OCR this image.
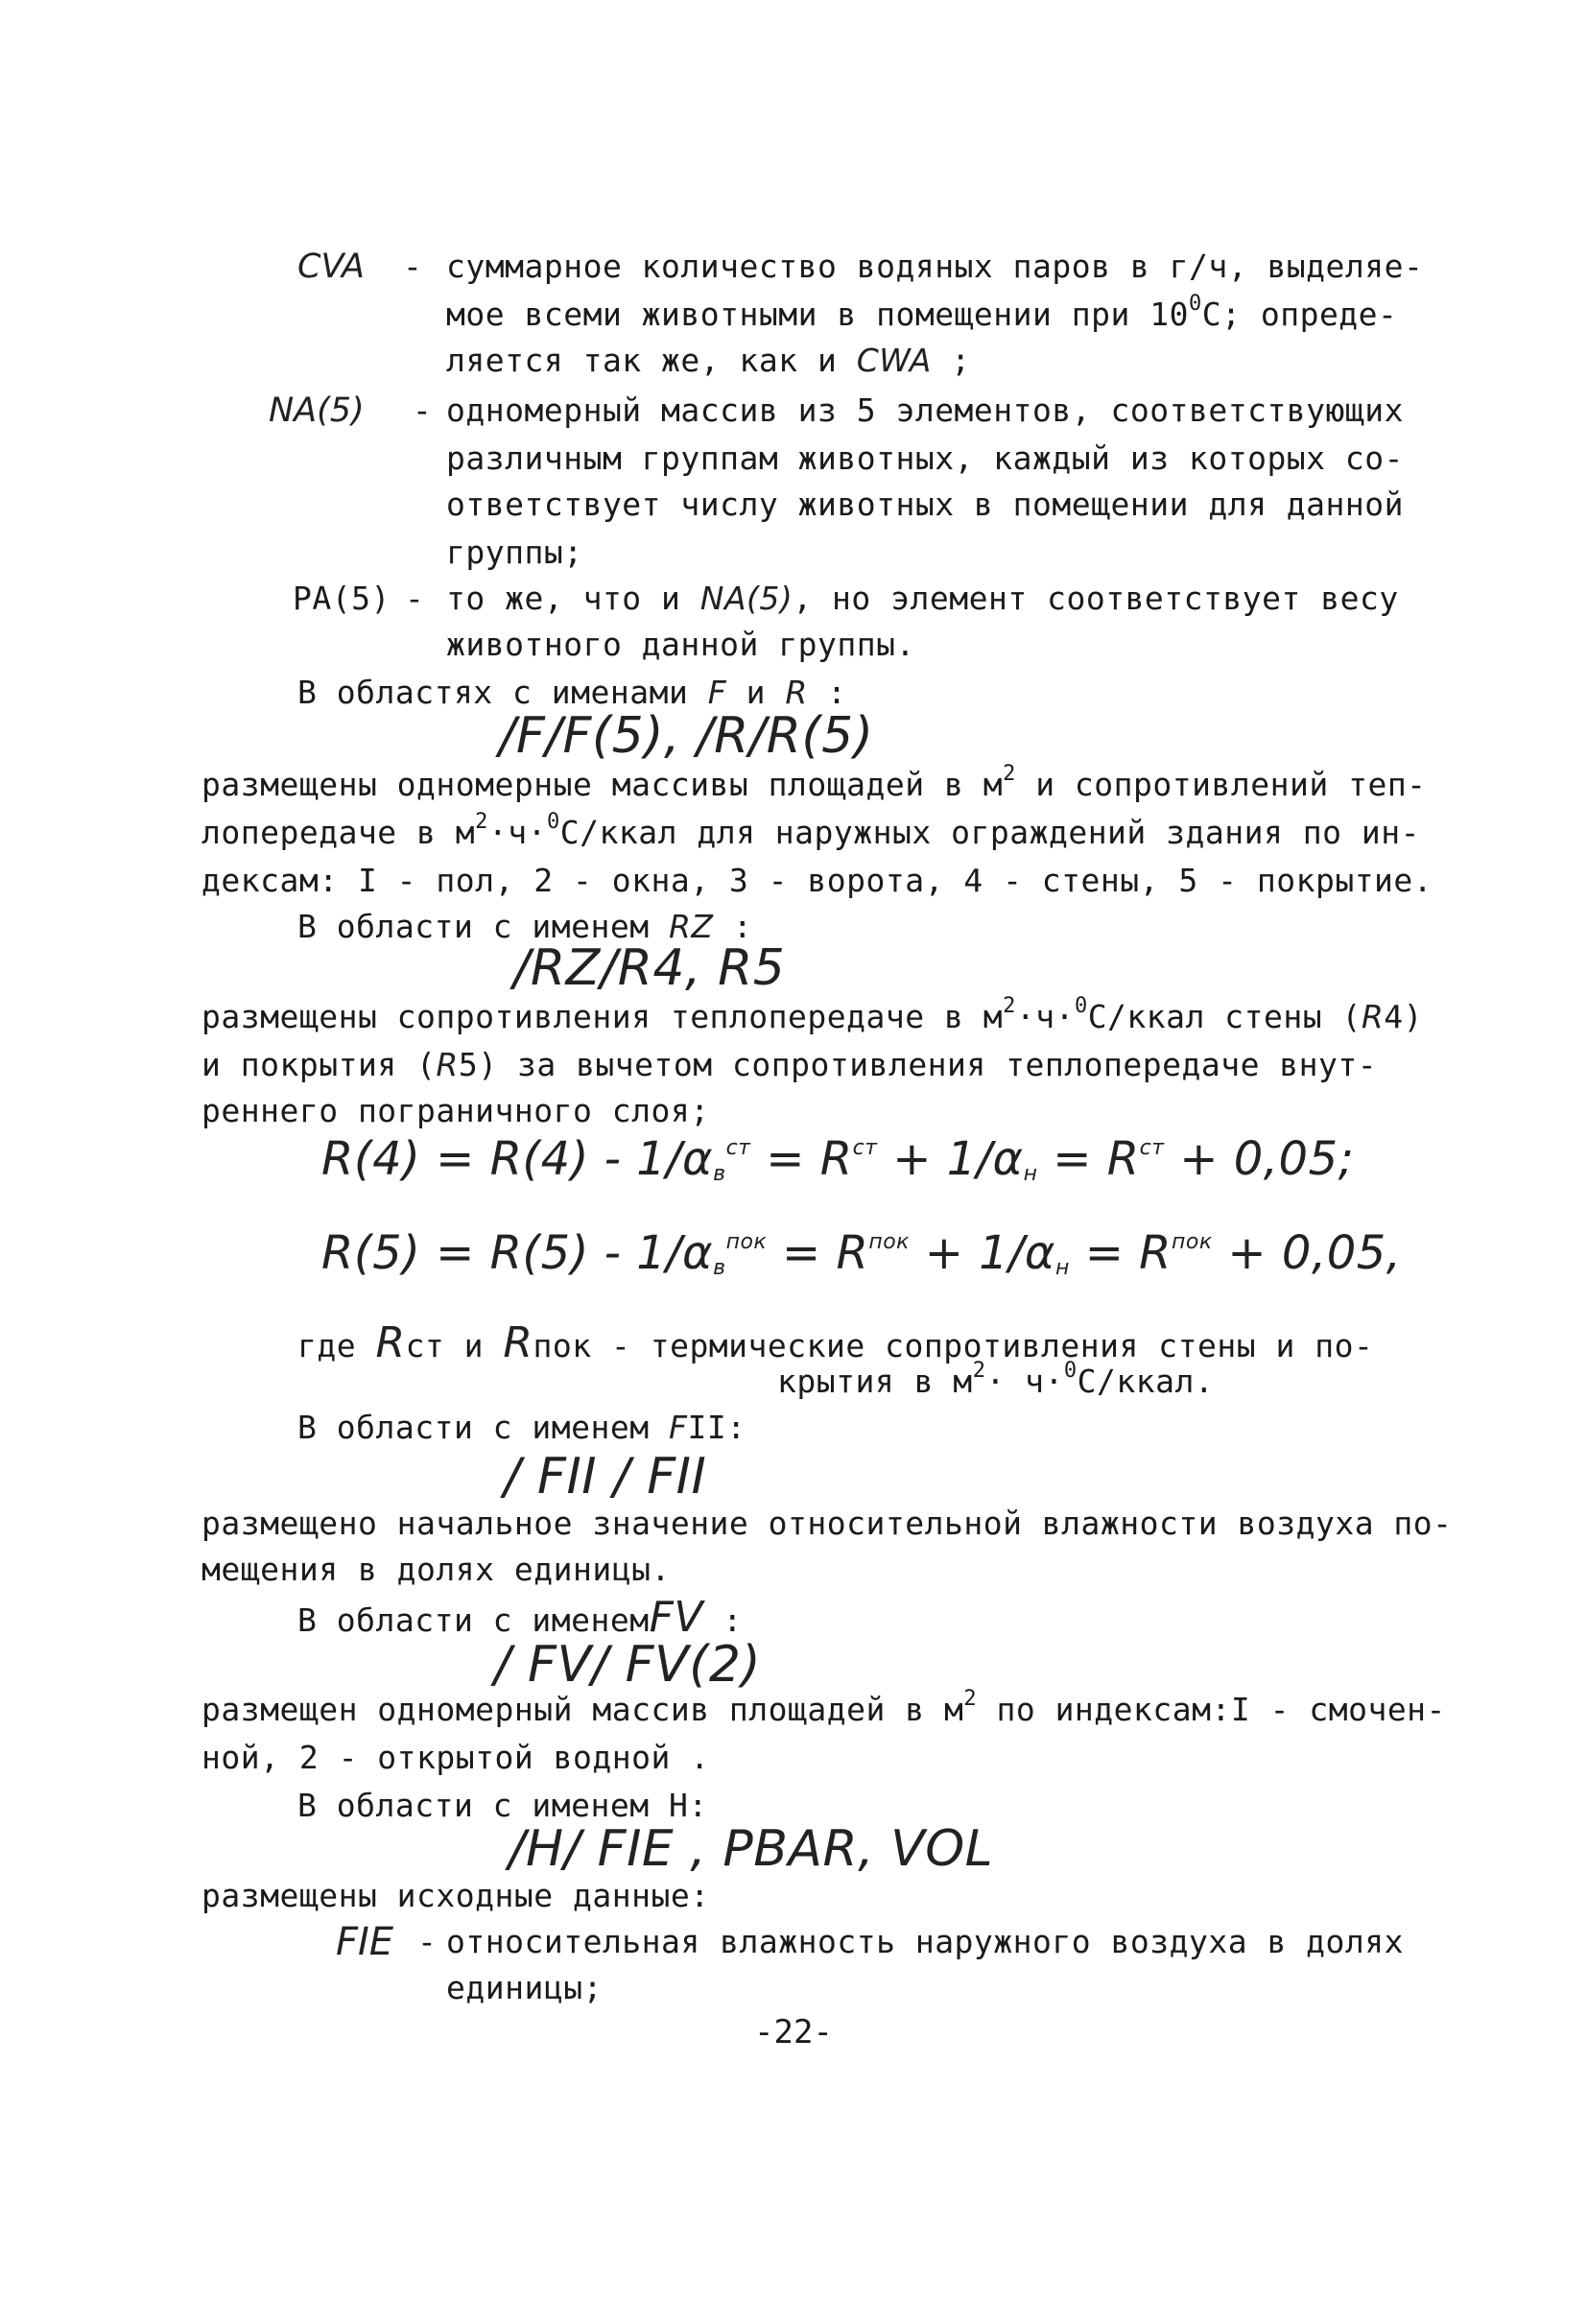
CVA - суммарное количество водяных паров в г/ч, выделяе-
мое всеми животными в помещении при $10^0С$; опреде-
ляется так же, как и CWA ;
NA(5) - одномерный массив из 5 элементов, соответствующих
различным группам животных, каждый из которых со-
ответствует числу животных в помещении для данной
группы;
PA(5) - то же, что и NA(5), но элемент соответствует весу
животного данной группы.
В областях с именами F и R :
/F/F(5), /R/R(5)
размещены одномерные массивы площадей в $м^2$ и сопротивлений теп-
лопередаче в $м^2\cdot ч\cdot^0С$/ккал для наружных ограждений здания по ин-
дексам: I - пол, 2 - окна, 3 - ворота, 4 - стены, 5 - покрытие.
В области с именем RZ :
/RZ/R4, R5
размещены сопротивления теплопередаче в $м^2\cdot ч\cdot^0С$/ккал стены (R4)
и покрытия (R5) за вычетом сопротивления теплопередаче внут-
реннего пограничного слоя;
$R(4) = R(4) - 1/\alpha в^{ст} = R^{ст} + 1/\alpha н = R^{ст} + 0,05$;
$R(5) = R(5) - 1/\alpha в^{пок} = R^{пок} + 1/\alpha н = R^{пок} + 0,05$,
где Rст и Rпок - термические сопротивления стены и по-
крытия в $м^2\cdot$ ч·$^0$С/ккал.
В области с именем FII:
/ FII / FII
размещено начальное значение относительной влажности воздуха по-
мещения в долях единицы.
В области с именемFV :
/ FV/ FV(2)
размещен одномерный массив площадей в $м^2$ по индексам:I - смочен-
ной, 2 - открытой водной .
В области с именем Н:
/H/ FIE , PBAR, VOL
размещены исходные данные:
FIE - относительная влажность наружного воздуха в долях
единицы;
-22-
